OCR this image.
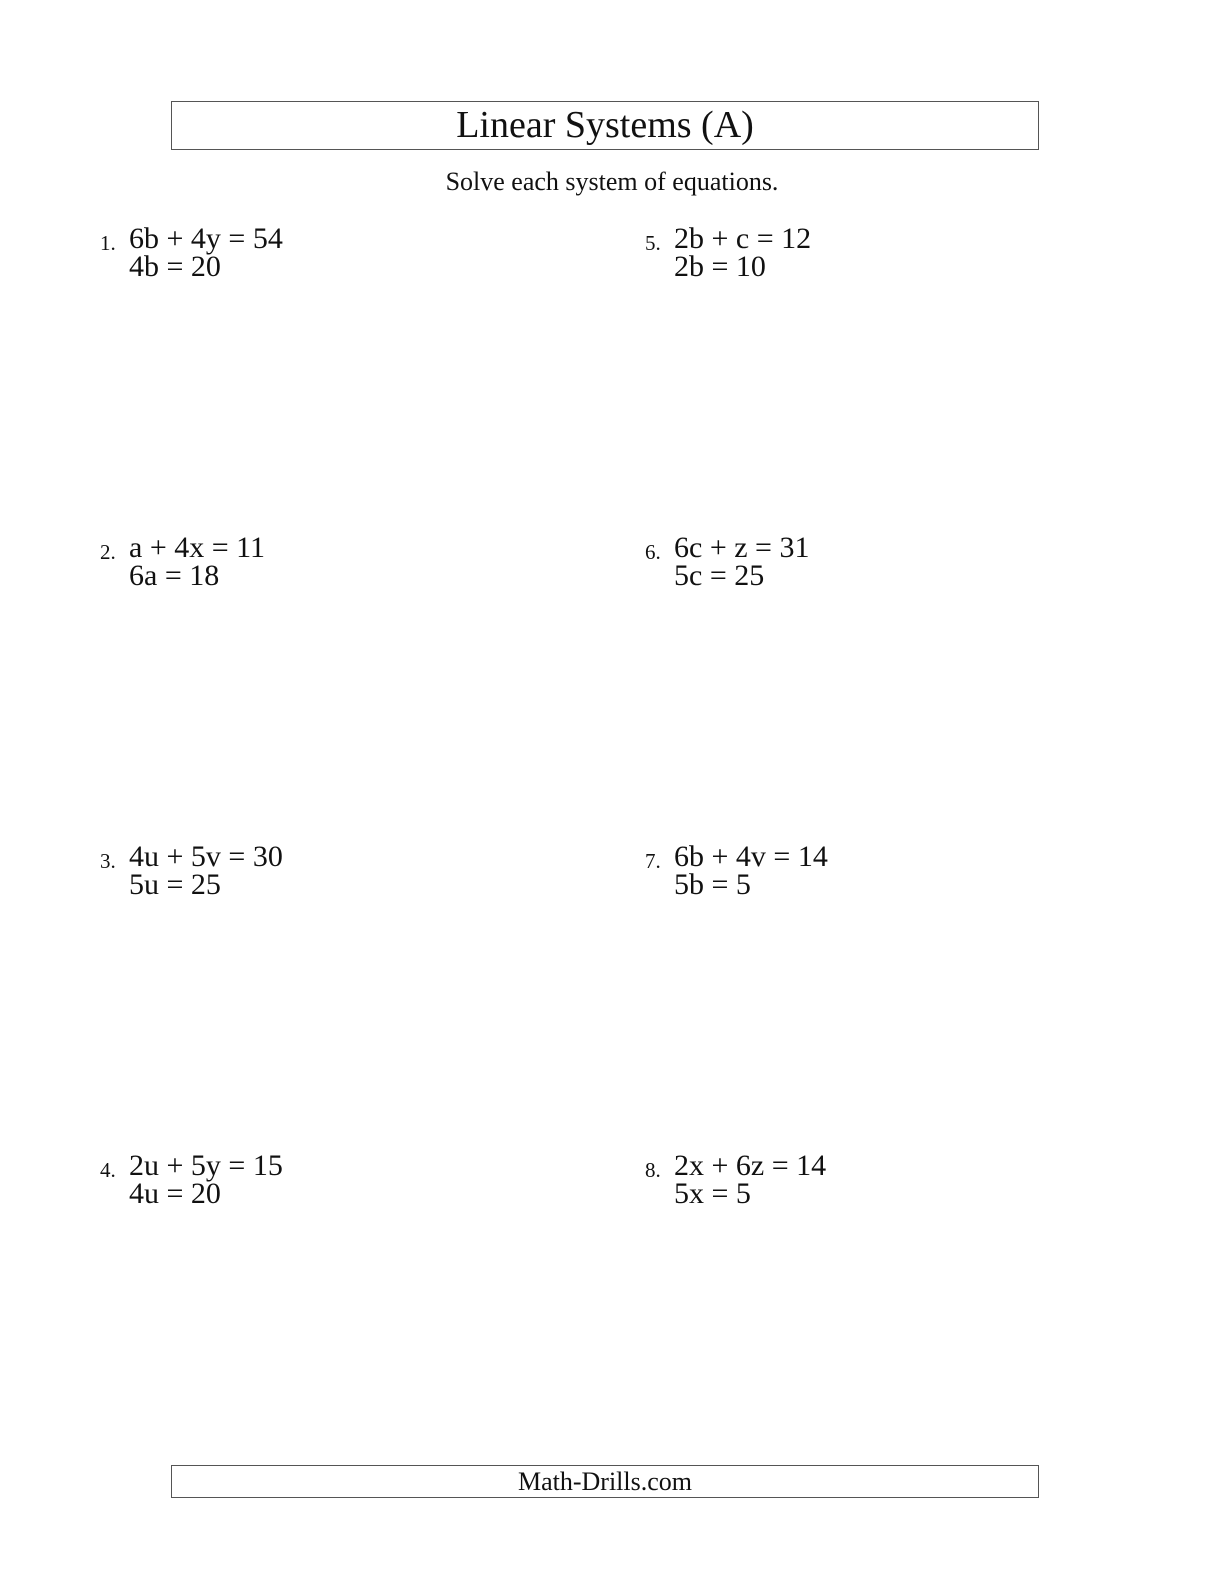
Linear Systems (A)
Solve each system of equations.
1. 6b + 4y = 54
4b = 20
2. a + 4x = 11
6a = 18
3. 4u + 5v = 30
5u = 25
4. 2u + 5y = 15
4u = 20
5. 2b + c = 12
2b = 10
6. 6c + z = 31
5c = 25
7. 6b + 4v = 14
5b = 5
8. 2x + 6z = 14
5x = 5
Math-Drills.com
